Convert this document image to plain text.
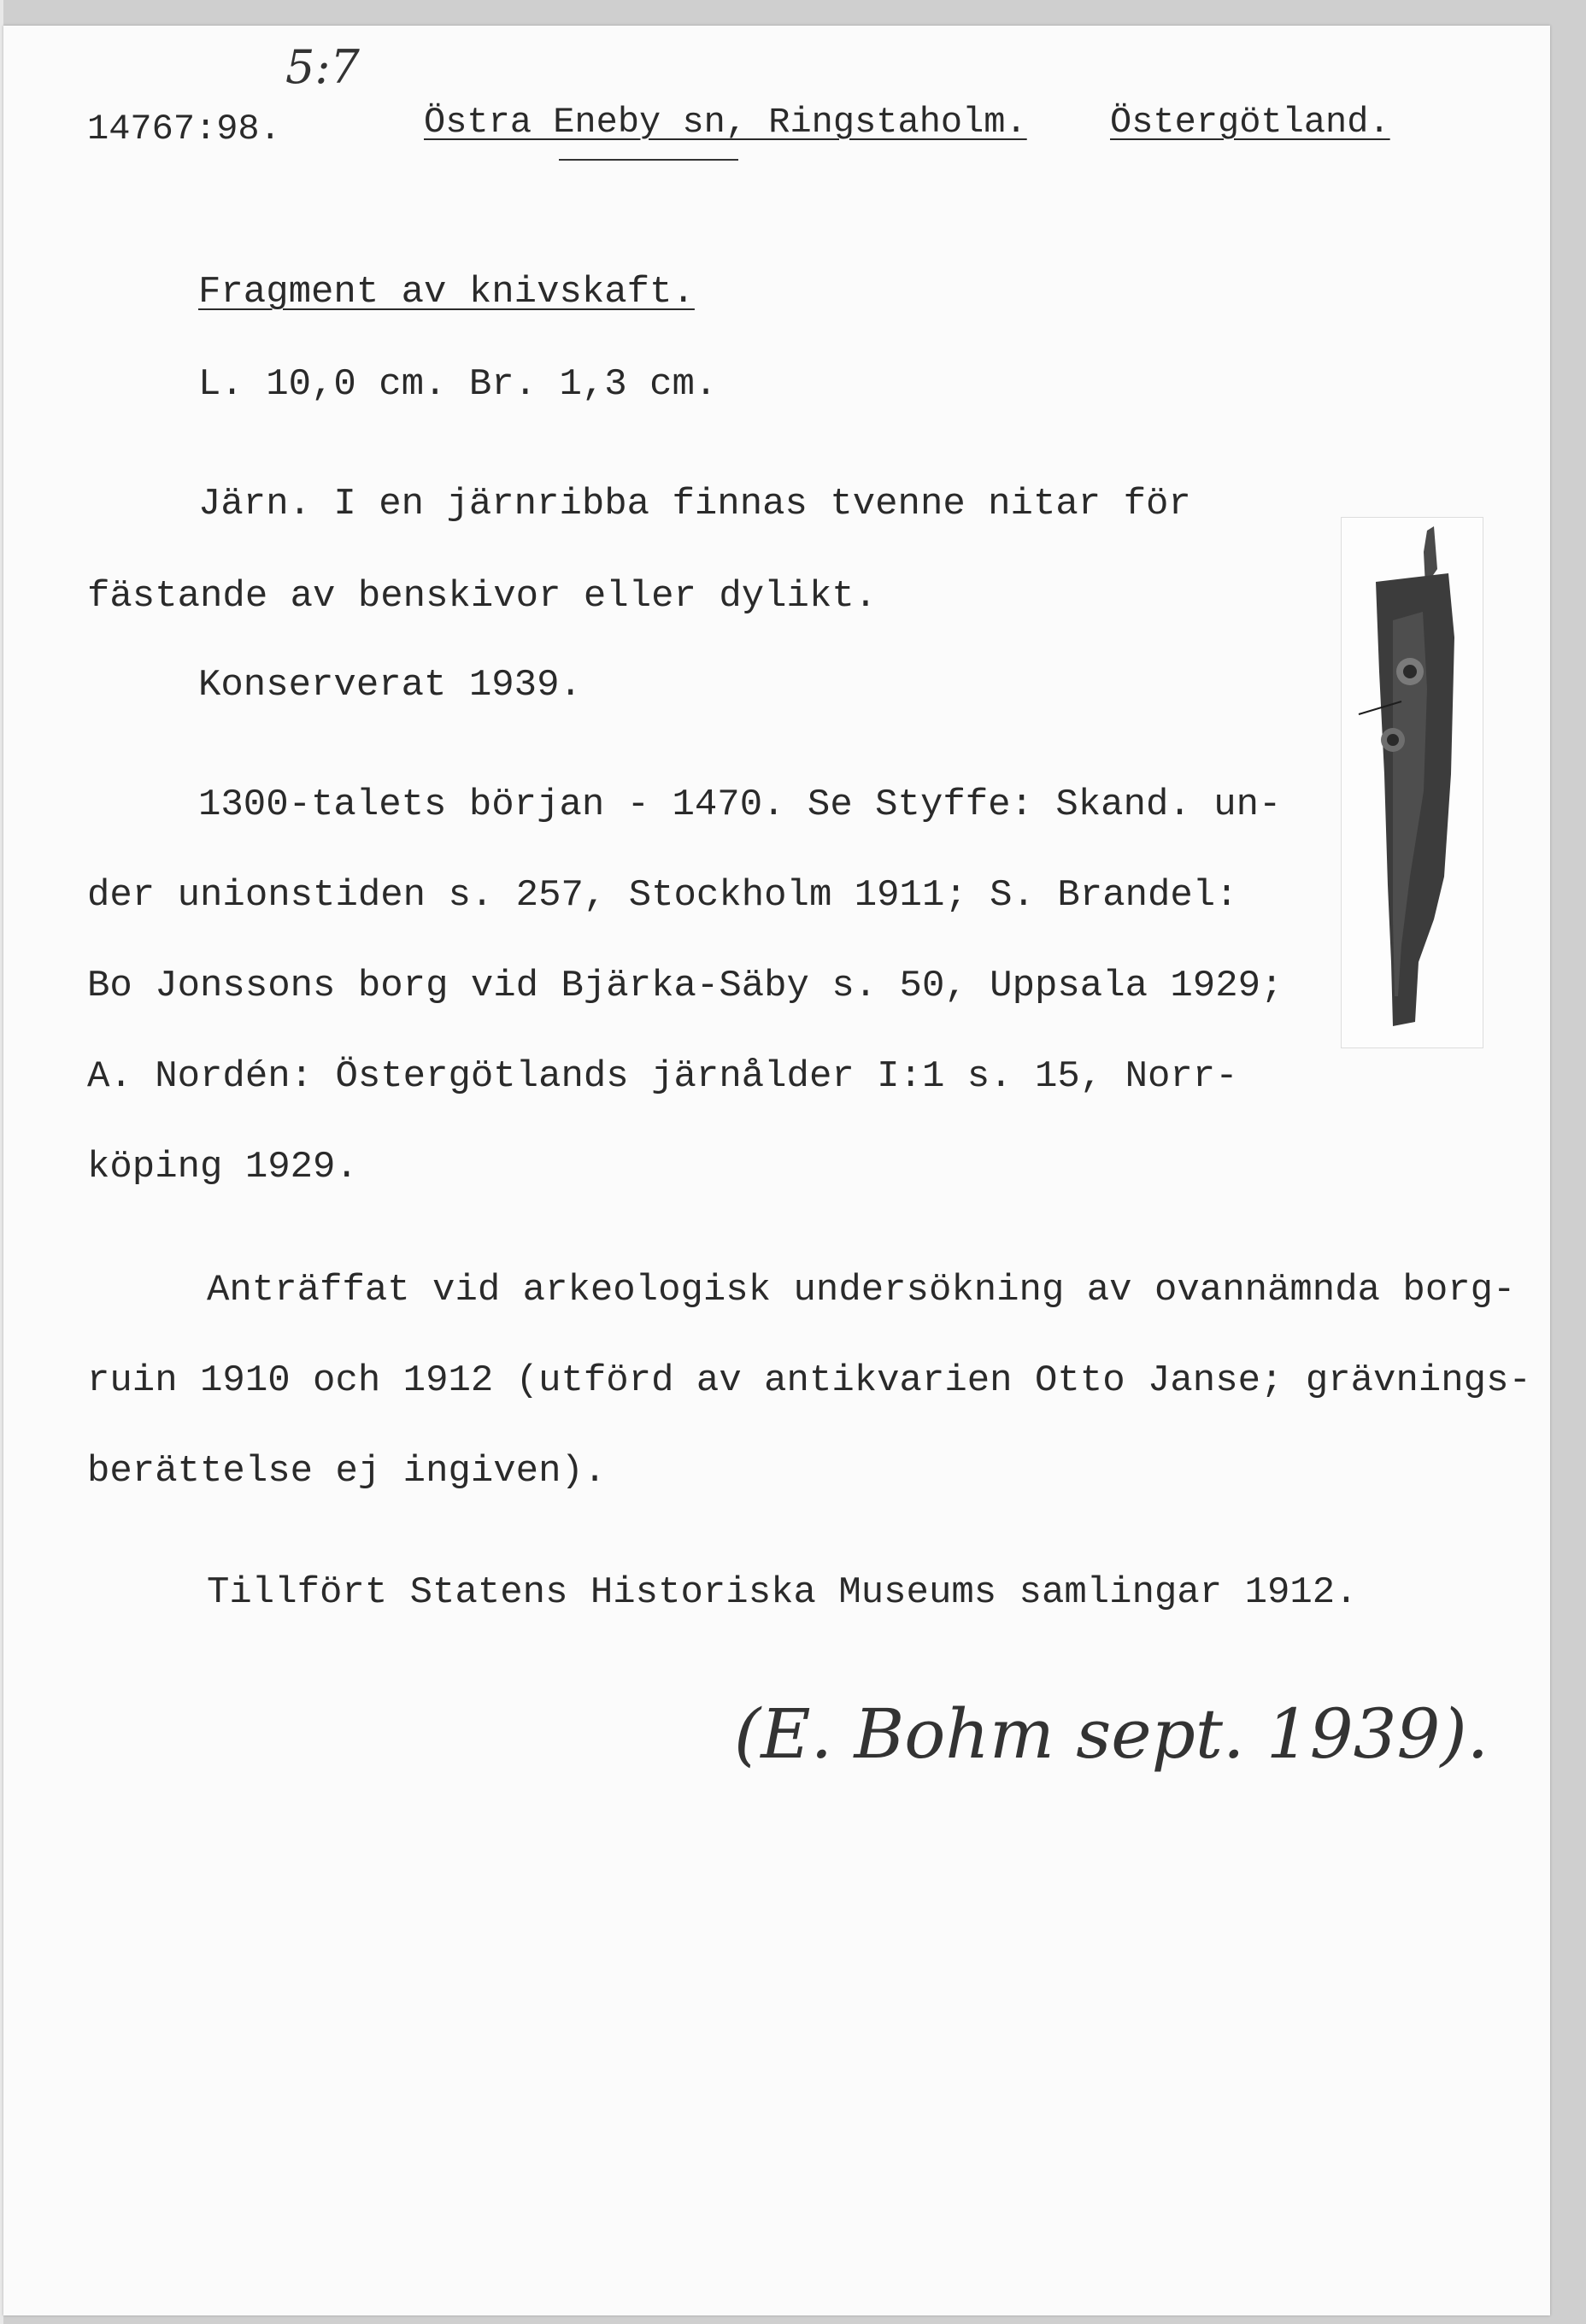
5:7
14767:98.	Östra Eneby sn, Ringstaholm. Östergötland.
Fragment av knivskaft.
L. 10,0 cm. Br. 1,3 cm.
Järn. I en järnribba finnas tvenne nitar för
fästande av benskivor eller dylikt.
Konserverat 1939.
1300-talets början - 1470. Se Styffe: Skand. un-
der unionstiden s. 257, Stockholm 1911; S. Brandel:
Bo Jonssons borg vid Bjärka-Säby s. 50, Uppsala 1929;
A. Nordén: Östergötlands järnålder I:1 s. 15, Norr-
köping 1929.
Anträffat vid arkeologisk undersökning av ovannämnda borg-
ruin 1910 och 1912 (utförd av antikvarien Otto Janse; grävnings-
berättelse ej ingiven).
Tillfört Statens Historiska Museums samlingar 1912.
(E. Bohm sept. 1939).
